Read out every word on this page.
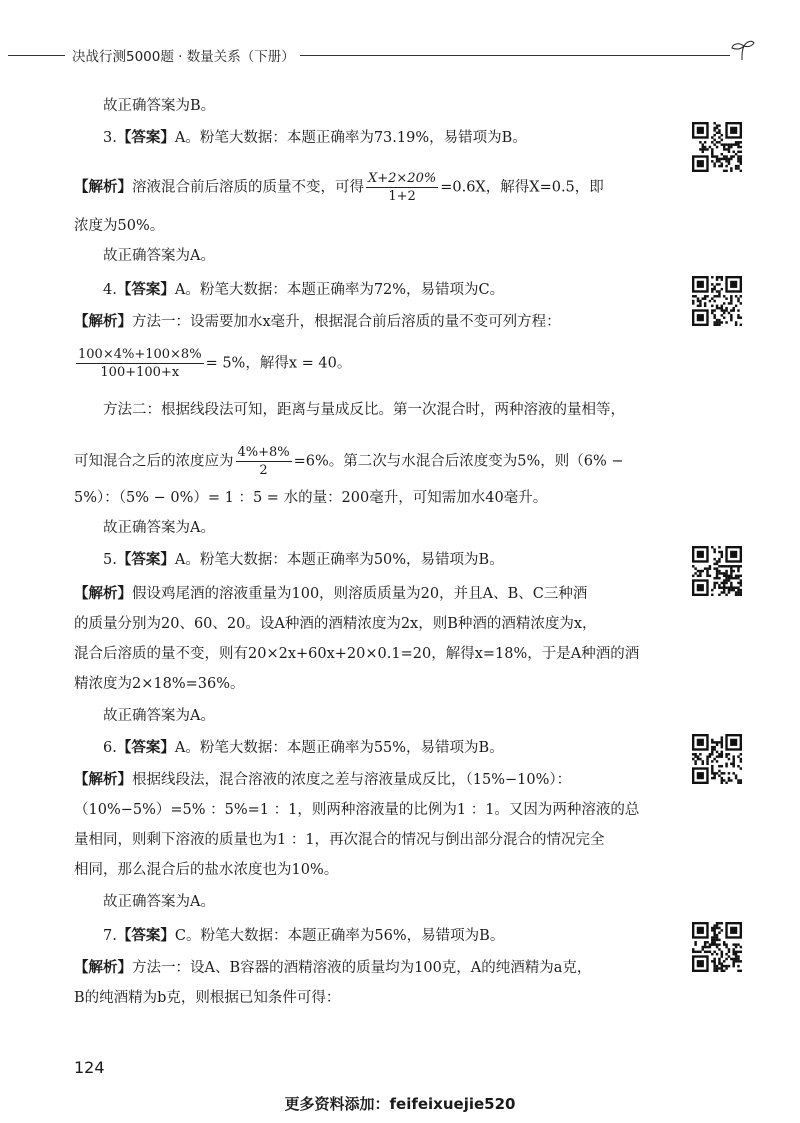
决战行测5000题 · 数量关系（下册）
故正确答案为B。
3.【答案】A。粉笔大数据：本题正确率为73.19%，易错项为B。
【解析】溶液混合前后溶质的质量不变，可得 $\frac{X+2\times 20\%}{1+2} =0.6X$，解得X=0.5，即
浓度为50%。
故正确答案为A。
4.【答案】A。粉笔大数据：本题正确率为72%，易错项为C。
【解析】方法一：设需要加水x毫升，根据混合前后溶质的量不变可列方程：
$\frac{100\times 4\%+100\times 8\%}{100+100+x} = 5\%$，解得x = 40。
方法二：根据线段法可知，距离与量成反比。第一次混合时，两种溶液的量相等，
可知混合之后的浓度应为 $\frac{4\%+8\%}{2} =6\%$。第二次与水混合后浓度变为5%，则（6% −
5%）：（5% − 0%）= 1 ：5 = 水的量：200毫升，可知需加水40毫升。
故正确答案为A。
5.【答案】A。粉笔大数据：本题正确率为50%，易错项为B。
【解析】假设鸡尾酒的溶液重量为100，则溶质质量为20，并且A、B、C三种酒
的质量分别为20、60、20。设A种酒的酒精浓度为2x，则B种酒的酒精浓度为x，
混合后溶质的量不变，则有20×2x+60x+20×0.1=20，解得x=18%，于是A种酒的酒
精浓度为2×18%=36%。
故正确答案为A。
6.【答案】A。粉笔大数据：本题正确率为55%，易错项为B。
【解析】根据线段法，混合溶液的浓度之差与溶液量成反比，（15%−10%）：
（10%−5%）=5% ：5%=1 ：1，则两种溶液量的比例为1 ：1。又因为两种溶液的总
量相同，则剩下溶液的质量也为1 ：1，再次混合的情况与倒出部分混合的情况完全
相同，那么混合后的盐水浓度也为10%。
故正确答案为A。
7.【答案】C。粉笔大数据：本题正确率为56%，易错项为B。
【解析】方法一：设A、B容器的酒精溶液的质量均为100克，A的纯酒精为a克，
B的纯酒精为b克，则根据已知条件可得：
124
更多资料添加：feifeixuejie520
